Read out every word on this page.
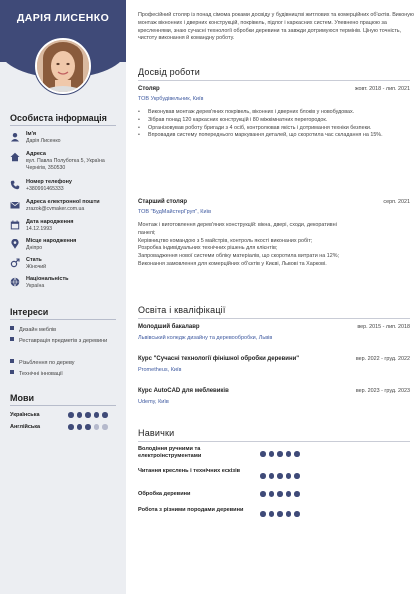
ДАРІЯ ЛИСЕНКО
Особиста інформація
Ім'я
Дарія Лисенко
Адреса
вул. Павла Полуботка 5, Україна Чернігів, 350530
Номер телефону
+380991465333
Адреса електронної пошти
zrazok@cvmaker.com.ua
Дата народження
14.12.1993
Місце народження
Дніпро
Стать
Жіночий
Національність
Україна
Інтереси
Дизайн меблів
Реставрація предметів з деревини
Різьблення по дереву
Технічні інновації
Мови
Українська
Англійська
Професійний столяр із понад сімома роками досвіду у будівництві житлових та комерційних об'єктів. Виконую монтаж вікнонних і дверних конструкцій, покрівель, підлог і каркасних систем. Упевнено працюю за кресленнями, знаю сучасні технології обробки деревини та завжди дотримуюся термінів. Ціную точність, чистоту виконання й командну роботу.
Досвід роботи
Столяр	жовт. 2018 - лип. 2021
ТОВ Укрбудівельник, Київ
• Виконував монтаж дерев'яних покрівель, віконних і дверних блоків у новобудовах.
• Зібрав понад 120 каркасних конструкцій і 80 міжкімнатних перегородок.
• Організовував роботу бригади з 4 осіб, контролював якість і дотримання техніки безпеки.
• Впровадив систему попереднього маркування деталей, що скоротила час складання на 15%.
Старший столяр	серп. 2021
ТОВ "БудМайстерГруп", Київ
Монтаж і виготовлення дерев'яних конструкцій: вікна, двері, сходи, декоративні панелі;
Керівництво командою з 5 майстрів, контроль якості виконаних робіт;
Розробка індивідуальних технічних рішень для клієнтів;
Запровадження нової системи обліку матеріалів, що скоротила витрати на 12%;
Виконання замовлення для комерційних об'єктів у Києві, Львові та Харкові.
Освіта і кваліфікації
Молодший бакалавр	вер. 2015 - лип. 2018
Львівський коледж дизайну та деревообробки, Львів
Курс "Сучасні технології фінішної обробки деревини"	вер. 2022 - груд. 2022
Prometheus, Київ
Курс AutoCAD для меблевиків	вер. 2023 - груд. 2023
Udemy, Київ
Навички
Володіння ручними та електроінструментами
Читання креслень і технічних ескізів
Обробка деревини
Робота з різними породами деревини
